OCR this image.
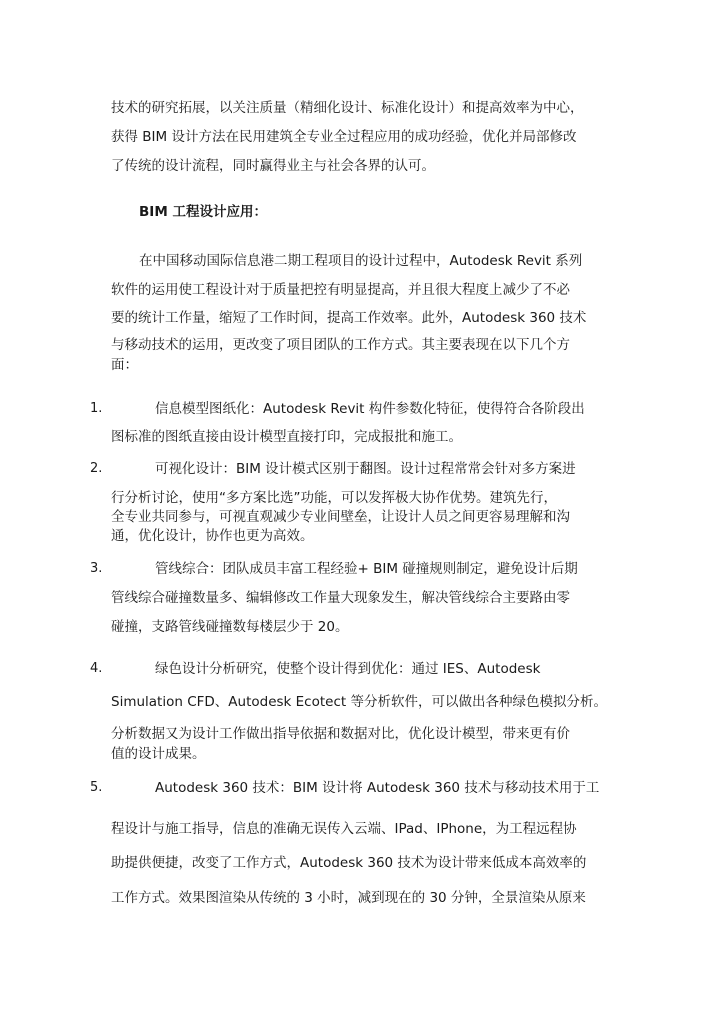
技术的研究拓展，以关注质量（精细化设计、标准化设计）和提高效率为中心，
获得 BIM 设计方法在民用建筑全专业全过程应用的成功经验，优化并局部修改
了传统的设计流程，同时赢得业主与社会各界的认可。
BIM 工程设计应用：
在中国移动国际信息港二期工程项目的设计过程中，Autodesk Revit 系列
软件的运用使工程设计对于质量把控有明显提高，并且很大程度上减少了不必
要的统计工作量，缩短了工作时间，提高工作效率。此外，Autodesk 360 技术
与移动技术的运用，更改变了项目团队的工作方式。其主要表现在以下几个方
面：
1.	信息模型图纸化：Autodesk Revit 构件参数化特征，使得符合各阶段出
图标准的图纸直接由设计模型直接打印，完成报批和施工。
2.	可视化设计：BIM 设计模式区别于翻图。设计过程常常会针对多方案进
行分析讨论，使用“多方案比选”功能，可以发挥极大协作优势。建筑先行，
全专业共同参与，可视直观减少专业间壁垒，让设计人员之间更容易理解和沟
通，优化设计，协作也更为高效。
3.	管线综合：团队成员丰富工程经验+ BIM 碰撞规则制定，避免设计后期
管线综合碰撞数量多、编辑修改工作量大现象发生，解决管线综合主要路由零
碰撞，支路管线碰撞数每楼层少于 20。
4.	绿色设计分析研究，使整个设计得到优化：通过 IES、Autodesk
Simulation CFD、Autodesk Ecotect 等分析软件，可以做出各种绿色模拟分析。
分析数据又为设计工作做出指导依据和数据对比，优化设计模型，带来更有价
值的设计成果。
5.	Autodesk 360 技术：BIM 设计将 Autodesk 360 技术与移动技术用于工
程设计与施工指导，信息的准确无误传入云端、IPad、IPhone，为工程远程协
助提供便捷，改变了工作方式，Autodesk 360 技术为设计带来低成本高效率的
工作方式。效果图渲染从传统的 3 小时，减到现在的 30 分钟，全景渲染从原来
